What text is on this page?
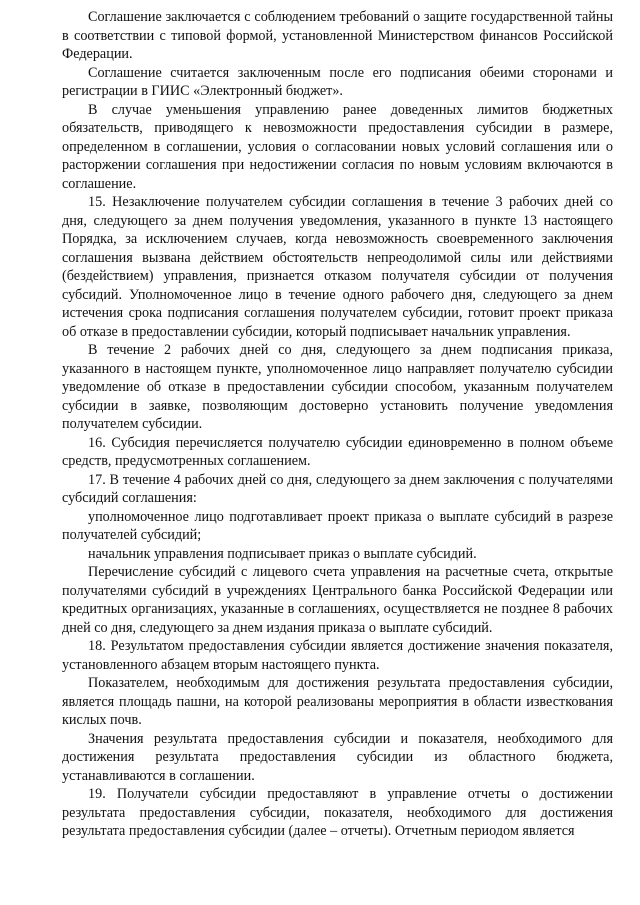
Соглашение заключается с соблюдением требований о защите государственной тайны в соответствии с типовой формой, установленной Министерством финансов Российской Федерации.

Соглашение считается заключенным после его подписания обеими сторонами и регистрации в ГИИС «Электронный бюджет».

В случае уменьшения управлению ранее доведенных лимитов бюджетных обязательств, приводящего к невозможности предоставления субсидии в размере, определенном в соглашении, условия о согласовании новых условий соглашения или о расторжении соглашения при недостижении согласия по новым условиям включаются в соглашение.

15. Незаключение получателем субсидии соглашения в течение 3 рабочих дней со дня, следующего за днем получения уведомления, указанного в пункте 13 настоящего Порядка, за исключением случаев, когда невозможность своевременного заключения соглашения вызвана действием обстоятельств непреодолимой силы или действиями (бездействием) управления, признается отказом получателя субсидии от получения субсидий. Уполномоченное лицо в течение одного рабочего дня, следующего за днем истечения срока подписания соглашения получателем субсидии, готовит проект приказа об отказе в предоставлении субсидии, который подписывает начальник управления.

В течение 2 рабочих дней со дня, следующего за днем подписания приказа, указанного в настоящем пункте, уполномоченное лицо направляет получателю субсидии уведомление об отказе в предоставлении субсидии способом, указанным получателем субсидии в заявке, позволяющим достоверно установить получение уведомления получателем субсидии.

16. Субсидия перечисляется получателю субсидии единовременно в полном объеме средств, предусмотренных соглашением.

17. В течение 4 рабочих дней со дня, следующего за днем заключения с получателями субсидий соглашения:

уполномоченное лицо подготавливает проект приказа о выплате субсидий в разрезе получателей субсидий;

начальник управления подписывает приказ о выплате субсидий.

Перечисление субсидий с лицевого счета управления на расчетные счета, открытые получателями субсидий в учреждениях Центрального банка Российской Федерации или кредитных организациях, указанные в соглашениях, осуществляется не позднее 8 рабочих дней со дня, следующего за днем издания приказа о выплате субсидий.

18. Результатом предоставления субсидии является достижение значения показателя, установленного абзацем вторым настоящего пункта.

Показателем, необходимым для достижения результата предоставления субсидии, является площадь пашни, на которой реализованы мероприятия в области известкования кислых почв.

Значения результата предоставления субсидии и показателя, необходимого для достижения результата предоставления субсидии из областного бюджета, устанавливаются в соглашении.

19. Получатели субсидии предоставляют в управление отчеты о достижении результата предоставления субсидии, показателя, необходимого для достижения результата предоставления субсидии (далее – отчеты). Отчетным периодом является
